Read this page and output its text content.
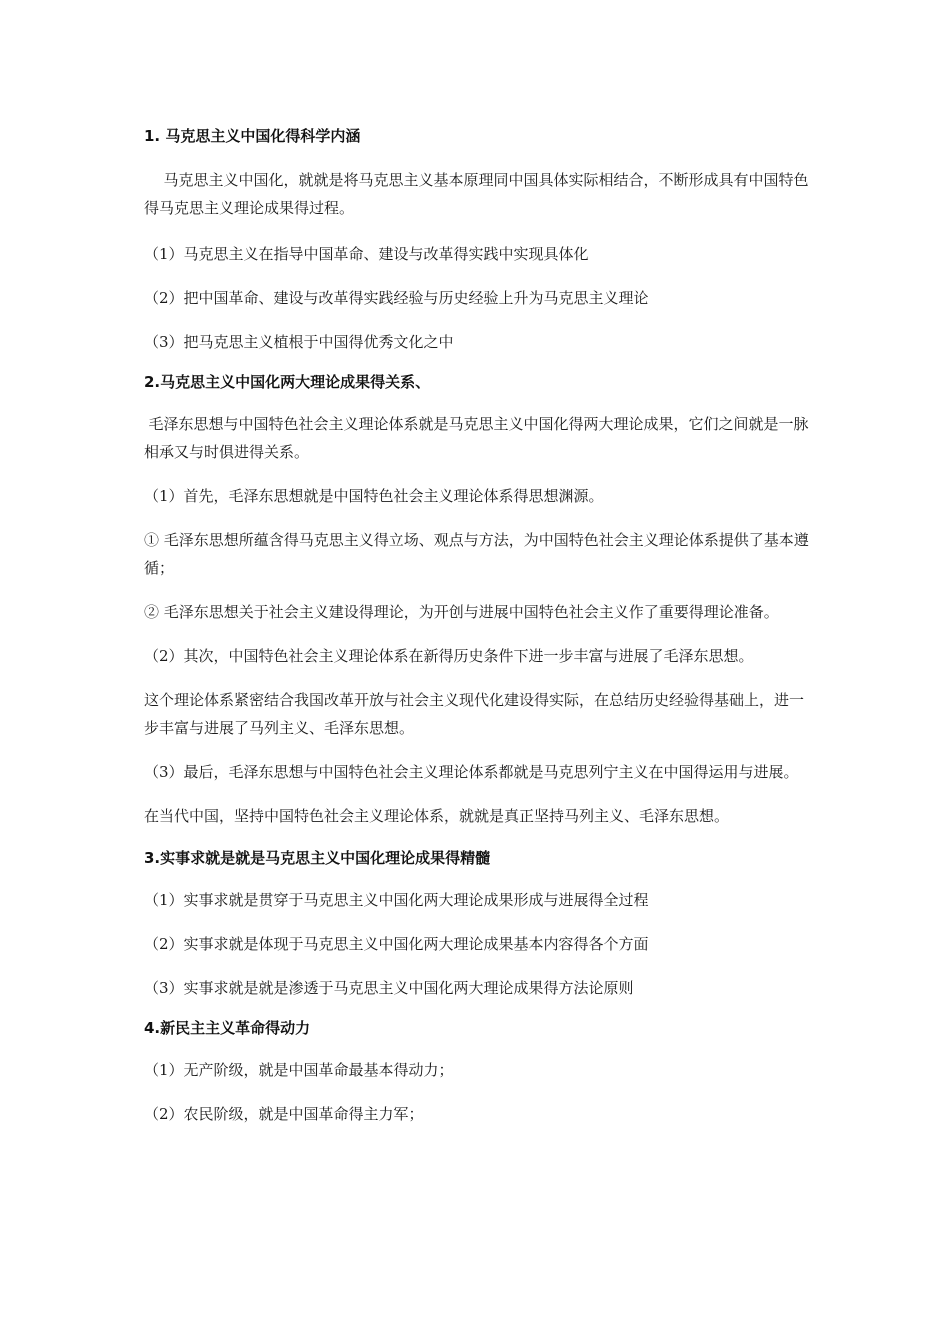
1. 马克思主义中国化得科学内涵

马克思主义中国化，就就是将马克思主义基本原理同中国具体实际相结合，不断形成具有中国特色得马克思主义理论成果得过程。

（1）马克思主义在指导中国革命、建设与改革得实践中实现具体化

（2）把中国革命、建设与改革得实践经验与历史经验上升为马克思主义理论

（3）把马克思主义植根于中国得优秀文化之中

2.马克思主义中国化两大理论成果得关系、

毛泽东思想与中国特色社会主义理论体系就是马克思主义中国化得两大理论成果，它们之间就是一脉相承又与时俱进得关系。

（1）首先，毛泽东思想就是中国特色社会主义理论体系得思想渊源。

① 毛泽东思想所蕴含得马克思主义得立场、观点与方法，为中国特色社会主义理论体系提供了基本遵循；

② 毛泽东思想关于社会主义建设得理论，为开创与进展中国特色社会主义作了重要得理论准备。

（2）其次，中国特色社会主义理论体系在新得历史条件下进一步丰富与进展了毛泽东思想。

这个理论体系紧密结合我国改革开放与社会主义现代化建设得实际，在总结历史经验得基础上，进一步丰富与进展了马列主义、毛泽东思想。

（3）最后，毛泽东思想与中国特色社会主义理论体系都就是马克思列宁主义在中国得运用与进展。

在当代中国，坚持中国特色社会主义理论体系，就就是真正坚持马列主义、毛泽东思想。

3.实事求就是就是马克思主义中国化理论成果得精髓

（1）实事求就是贯穿于马克思主义中国化两大理论成果形成与进展得全过程

（2）实事求就是体现于马克思主义中国化两大理论成果基本内容得各个方面

（3）实事求就是就是渗透于马克思主义中国化两大理论成果得方法论原则

4.新民主主义革命得动力

（1）无产阶级，就是中国革命最基本得动力；

（2）农民阶级，就是中国革命得主力军；
